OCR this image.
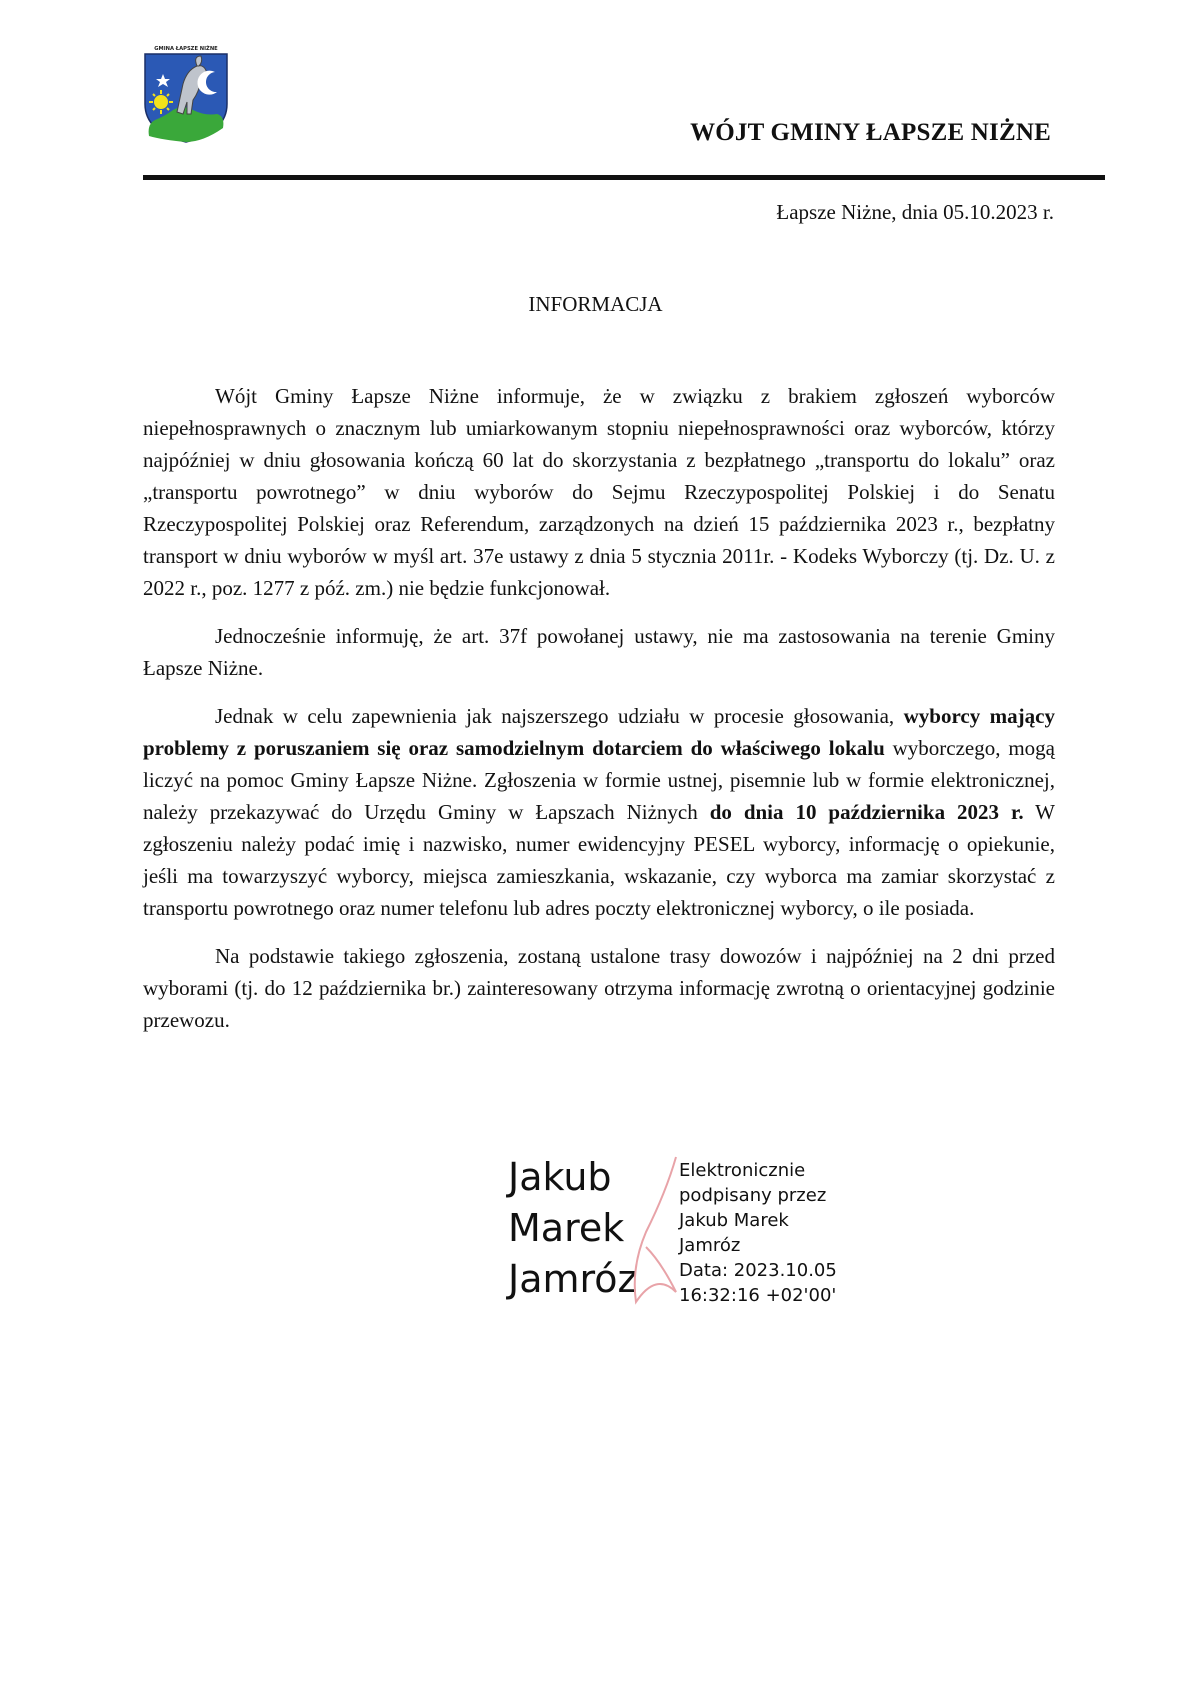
GMINA ŁAPSZE NIŻNE
WÓJT GMINY ŁAPSZE NIŻNE
Łapsze Niżne, dnia 05.10.2023 r.
INFORMACJA

Wójt Gminy Łapsze Niżne informuje, że w związku z brakiem zgłoszeń wyborców niepełnosprawnych o znacznym lub umiarkowanym stopniu niepełnosprawności oraz wyborców, którzy najpóźniej w dniu głosowania kończą 60 lat do skorzystania z bezpłatnego „transportu do lokalu” oraz „transportu powrotnego” w dniu wyborów do Sejmu Rzeczypospolitej Polskiej i do Senatu Rzeczypospolitej Polskiej oraz Referendum, zarządzonych na dzień 15 października 2023 r., bezpłatny transport w dniu wyborów w myśl art. 37e ustawy z dnia 5 stycznia 2011r. - Kodeks Wyborczy (tj. Dz. U. z 2022 r., poz. 1277 z póź. zm.) nie będzie funkcjonował.

Jednocześnie informuję, że art. 37f powołanej ustawy, nie ma zastosowania na terenie Gminy Łapsze Niżne.

Jednak w celu zapewnienia jak najszerszego udziału w procesie głosowania, wyborcy mający problemy z poruszaniem się oraz samodzielnym dotarciem do właściwego lokalu wyborczego, mogą liczyć na pomoc Gminy Łapsze Niżne. Zgłoszenia w formie ustnej, pisemnie lub w formie elektronicznej, należy przekazywać do Urzędu Gminy w Łapszach Niżnych do dnia 10 października 2023 r. W zgłoszeniu należy podać imię i nazwisko, numer ewidencyjny PESEL wyborcy, informację o opiekunie, jeśli ma towarzyszyć wyborcy, miejsca zamieszkania, wskazanie, czy wyborca ma zamiar skorzystać z transportu powrotnego oraz numer telefonu lub adres poczty elektronicznej wyborcy, o ile posiada.

Na podstawie takiego zgłoszenia, zostaną ustalone trasy dowozów i najpóźniej na 2 dni przed wyborami (tj. do 12 października br.) zainteresowany otrzyma informację zwrotną o orientacyjnej godzinie przewozu.

Jakub
Marek
Jamróz
Elektronicznie
podpisany przez
Jakub Marek
Jamróz
Data: 2023.10.05
16:32:16 +02'00'
